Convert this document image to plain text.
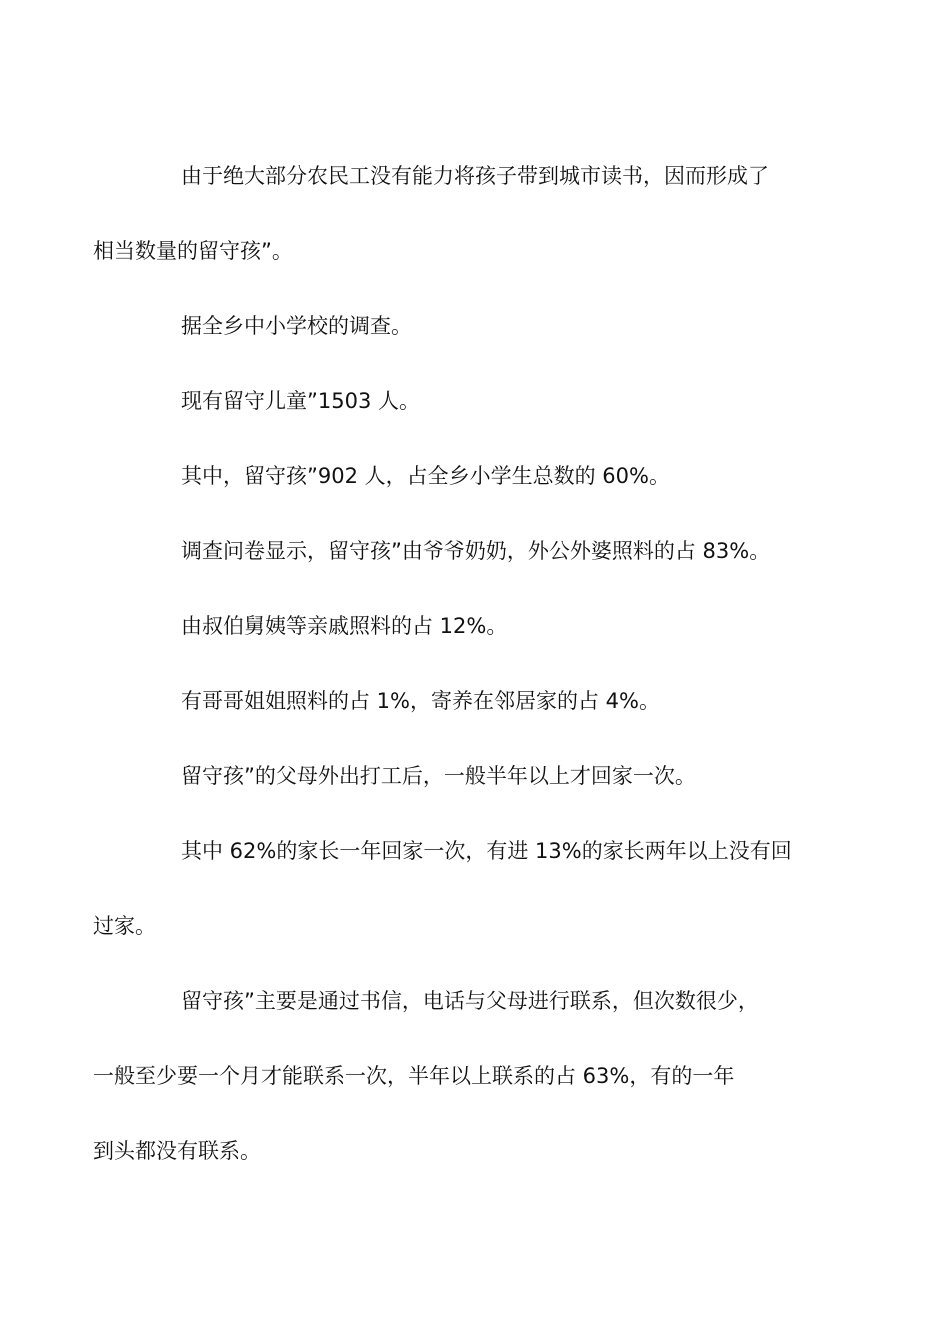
由于绝大部分农民工没有能力将孩子带到城市读书，因而形成了
相当数量的留守孩”。

据全乡中小学校的调查。

现有留守儿童”1503 人。

其中，留守孩”902 人，占全乡小学生总数的 60%。

调查问卷显示，留守孩”由爷爷奶奶，外公外婆照料的占 83%。

由叔伯舅姨等亲戚照料的占 12%。

有哥哥姐姐照料的占 1%，寄养在邻居家的占 4%。

留守孩”的父母外出打工后，一般半年以上才回家一次。

其中 62%的家长一年回家一次，有进 13%的家长两年以上没有回
过家。

留守孩”主要是通过书信，电话与父母进行联系，但次数很少，
一般至少要一个月才能联系一次，半年以上联系的占 63%，有的一年
到头都没有联系。
